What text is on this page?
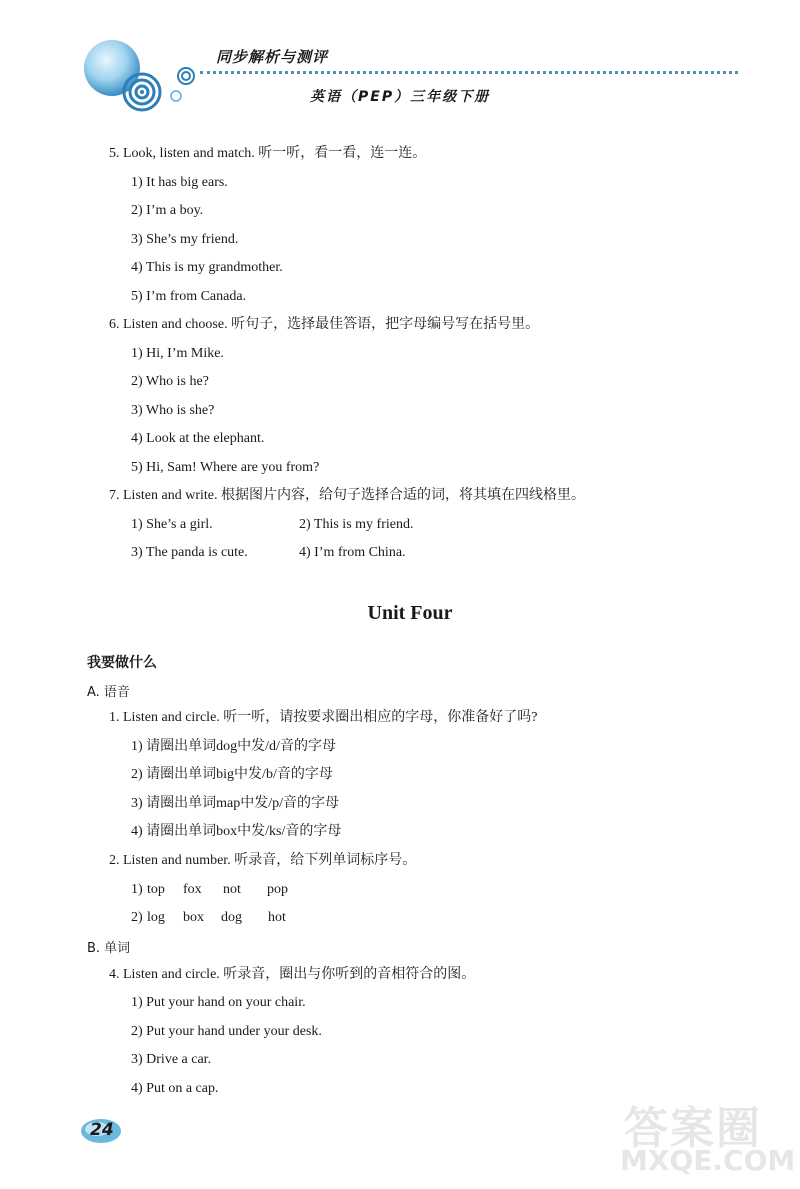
同步解析与测评
英语（PEP）三年级下册
5. Look, listen and match. 听一听，看一看，连一连。
1) It has big ears.
2) I’m a boy.
3) She’s my friend.
4) This is my grandmother.
5) I’m from Canada.
6. Listen and choose. 听句子，选择最佳答语，把字母编号写在括号里。
1) Hi, I’m Mike.
2) Who is he?
3) Who is she?
4) Look at the elephant.
5) Hi, Sam! Where are you from?
7. Listen and write. 根据图片内容，给句子选择合适的词，将其填在四线格里。
1) She’s a girl.	2) This is my friend.
3) The panda is cute.	4) I’m from China.
Unit Four
我要做什么
A. 语音
1. Listen and circle. 听一听，请按要求圈出相应的字母，你准备好了吗?
1) 请圈出单词dog中发/d/音的字母
2) 请圈出单词big中发/b/音的字母
3) 请圈出单词map中发/p/音的字母
4) 请圈出单词box中发/ks/音的字母
2. Listen and number. 听录音，给下列单词标序号。
1) top fox not pop
2) log box dog hot
B. 单词
4. Listen and circle. 听录音，圈出与你听到的音相符合的图。
1) Put your hand on your chair.
2) Put your hand under your desk.
3) Drive a car.
4) Put on a cap.
24	答案圈
MXQE.COM
